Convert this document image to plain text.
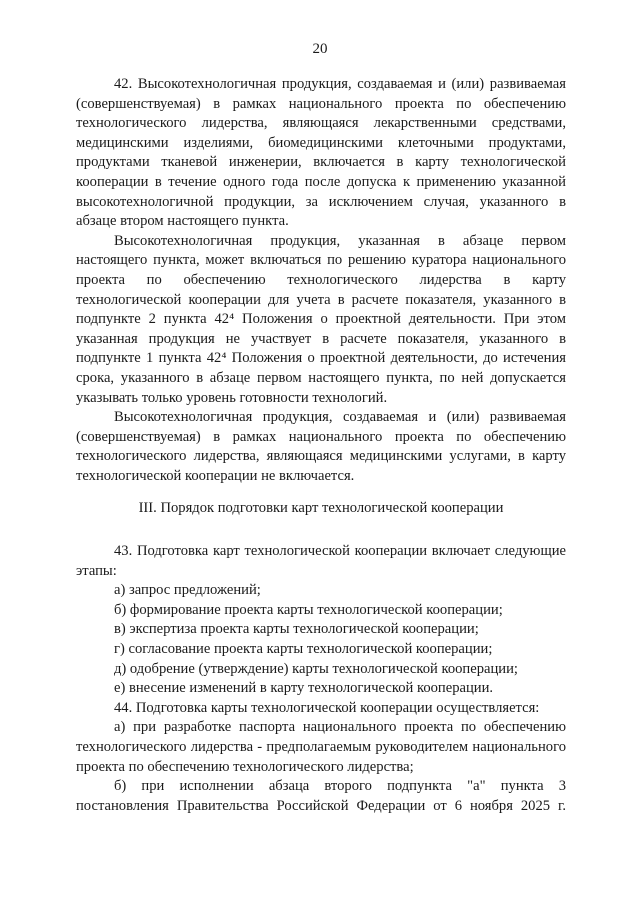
20

42. Высокотехнологичная продукция, создаваемая и (или) развиваемая (совершенствуемая) в рамках национального проекта по обеспечению технологического лидерства, являющаяся лекарственными средствами, медицинскими изделиями, биомедицинскими клеточными продуктами, продуктами тканевой инженерии, включается в карту технологической кооперации в течение одного года после допуска к применению указанной высокотехнологичной продукции, за исключением случая, указанного в абзаце втором настоящего пункта.

Высокотехнологичная продукция, указанная в абзаце первом настоящего пункта, может включаться по решению куратора национального проекта по обеспечению технологического лидерства в карту технологической кооперации для учета в расчете показателя, указанного в подпункте 2 пункта 42⁴ Положения о проектной деятельности. При этом указанная продукция не участвует в расчете показателя, указанного в подпункте 1 пункта 42⁴ Положения о проектной деятельности, до истечения срока, указанного в абзаце первом настоящего пункта, по ней допускается указывать только уровень готовности технологий.

Высокотехнологичная продукция, создаваемая и (или) развиваемая (совершенствуемая) в рамках национального проекта по обеспечению технологического лидерства, являющаяся медицинскими услугами, в карту технологической кооперации не включается.

III. Порядок подготовки карт технологической кооперации

43. Подготовка карт технологической кооперации включает следующие этапы:

а) запрос предложений;

б) формирование проекта карты технологической кооперации;

в) экспертиза проекта карты технологической кооперации;

г) согласование проекта карты технологической кооперации;

д) одобрение (утверждение) карты технологической кооперации;

е) внесение изменений в карту технологической кооперации.

44. Подготовка карты технологической кооперации осуществляется:

а) при разработке паспорта национального проекта по обеспечению технологического лидерства - предполагаемым руководителем национального проекта по обеспечению технологического лидерства;

б) при исполнении абзаца второго подпункта "а" пункта 3 постановления Правительства Российской Федерации от 6 ноября 2025 г.
